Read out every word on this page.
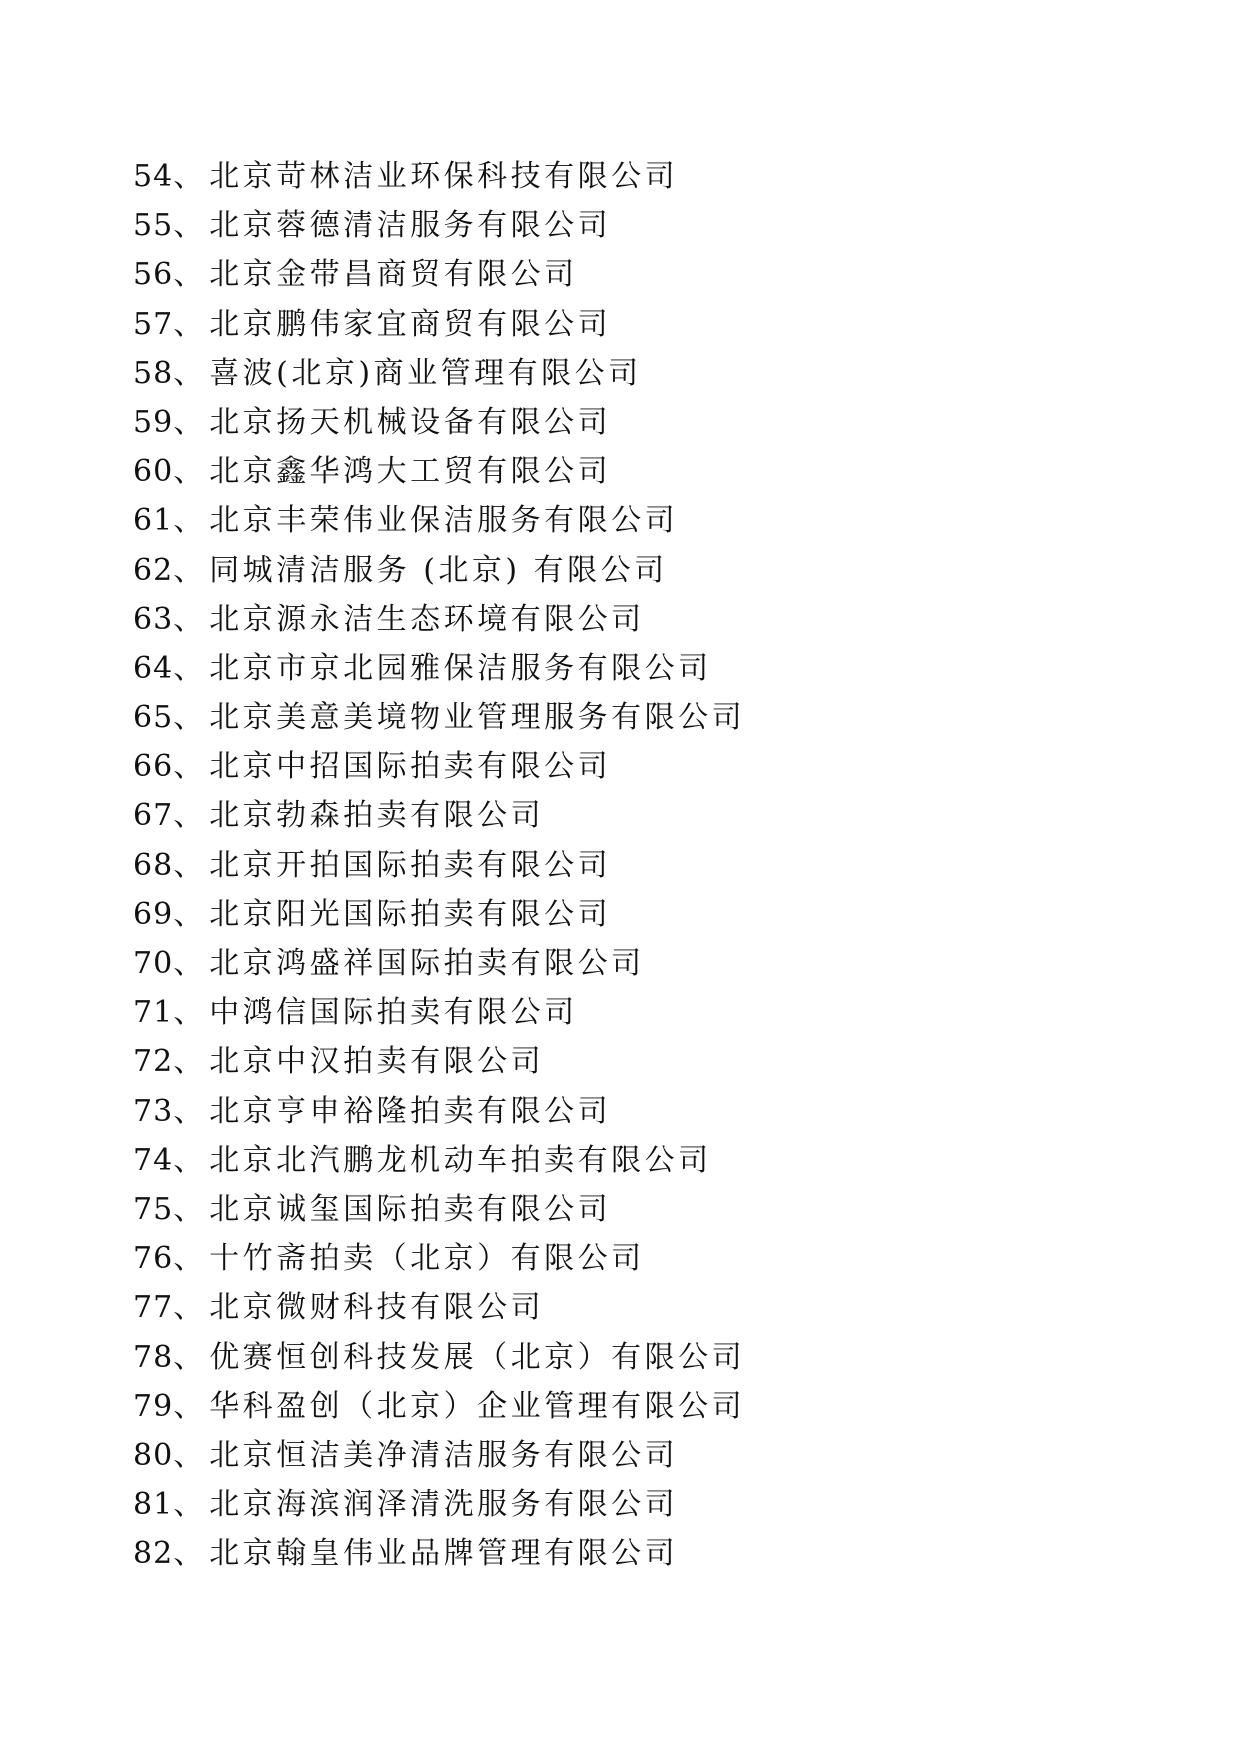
54、北京苛林洁业环保科技有限公司
55、北京蓉德清洁服务有限公司
56、北京金带昌商贸有限公司
57、北京鹏伟家宜商贸有限公司
58、喜波(北京)商业管理有限公司
59、北京扬天机械设备有限公司
60、北京鑫华鸿大工贸有限公司
61、北京丰荣伟业保洁服务有限公司
62、同城清洁服务 (北京) 有限公司
63、北京源永洁生态环境有限公司
64、北京市京北园雅保洁服务有限公司
65、北京美意美境物业管理服务有限公司
66、北京中招国际拍卖有限公司
67、北京勃森拍卖有限公司
68、北京开拍国际拍卖有限公司
69、北京阳光国际拍卖有限公司
70、北京鸿盛祥国际拍卖有限公司
71、中鸿信国际拍卖有限公司
72、北京中汉拍卖有限公司
73、北京亨申裕隆拍卖有限公司
74、北京北汽鹏龙机动车拍卖有限公司
75、北京诚玺国际拍卖有限公司
76、十竹斋拍卖（北京）有限公司
77、北京微财科技有限公司
78、优赛恒创科技发展（北京）有限公司
79、华科盈创（北京）企业管理有限公司
80、北京恒洁美净清洁服务有限公司
81、北京海滨润泽清洗服务有限公司
82、北京翰皇伟业品牌管理有限公司
